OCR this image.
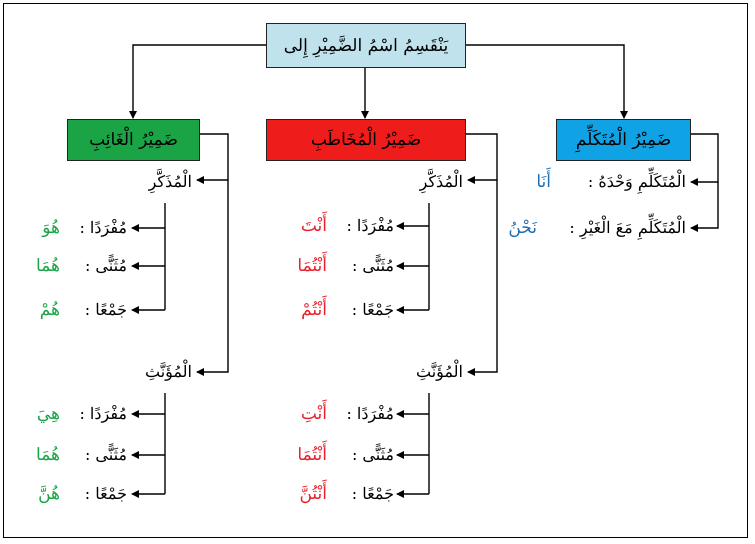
يَنْقَسِمُ اسْمُ الضَّمِيْرِ إِلى
ضَمِيْرُ الْغَائِبِ	ضَمِيْرُ الْمُخَاطَبِ	ضَمِيْرُ الْمُتَكَلِّمِ
الْمُتَكَلِّمِ وَحْدَهُ :
أَنَا
الْمُتَكَلِّمِ مَعَ الْغَيْرِ :
نَحْنُ
الْمُذَكَّرِ
مُفْرَدًا :
هُوَ
مُثَنًّى :
هُمَا
جَمْعًا :
هُمْ
الْمُؤَنَّثِ
مُفْرَدًا :
هِيَ
مُثَنًّى :
هُمَا
جَمْعًا :
هُنَّ
الْمُذَكَّرِ
مُفْرَدًا :
أَنْتَ
مُثَنًّى :
أَنْتُمَا
جَمْعًا :
أَنْتُمْ
الْمُؤَنَّثِ
مُفْرَدًا :
أَنْتِ
مُثَنًّى :
أَنْتُمَا
جَمْعًا :
أَنْتُنَّ
